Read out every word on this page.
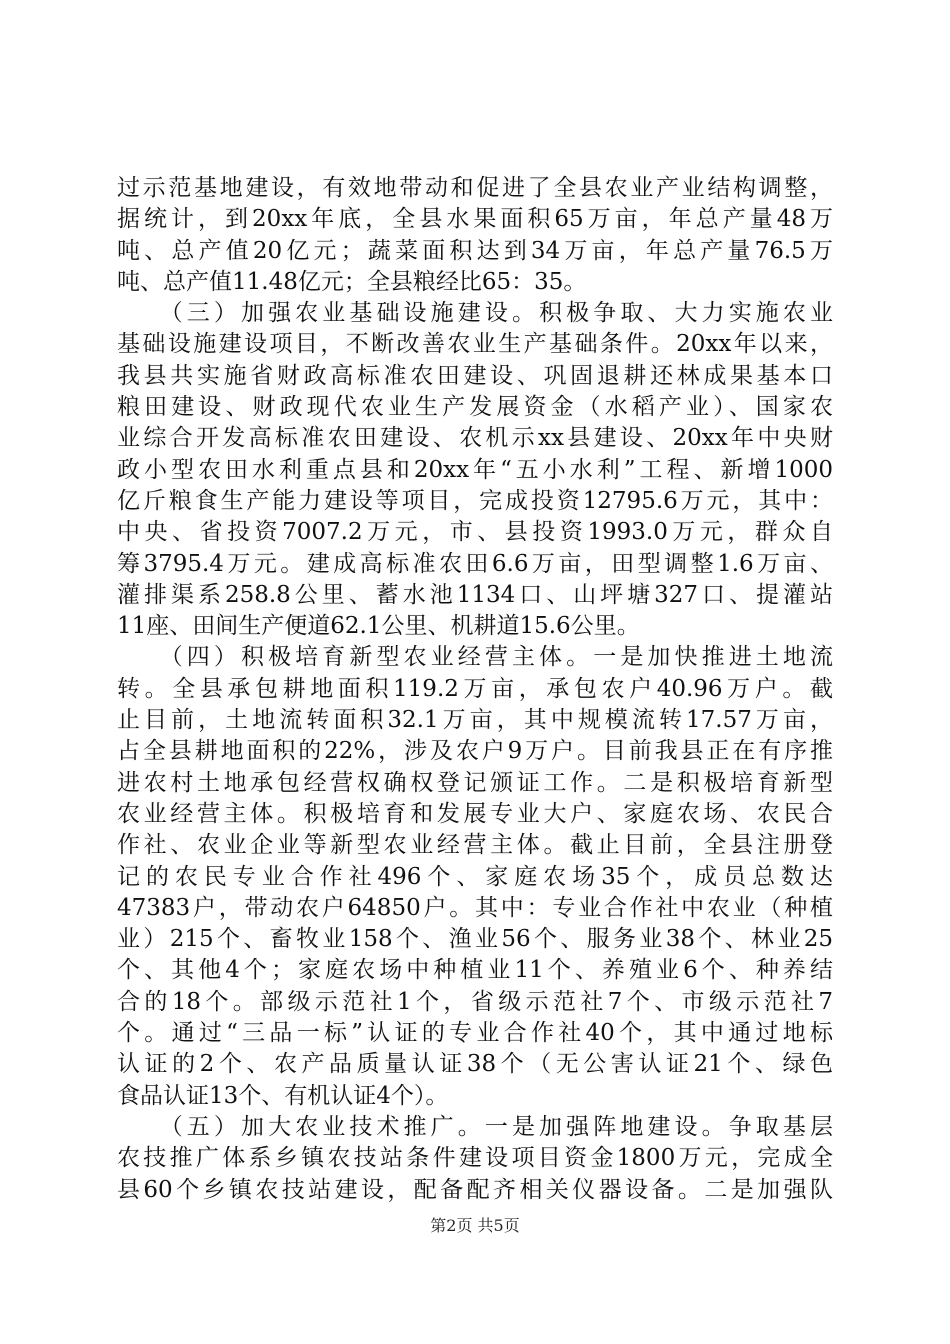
过示范基地建设，有效地带动和促进了全县农业产业结构调整，
据统计，到20xx年底，全县水果面积65万亩，年总产量48万
吨、总产值20亿元；蔬菜面积达到34万亩，年总产量76.5万
吨、总产值11.48亿元；全县粮经比65：35。
　　（三）加强农业基础设施建设。积极争取、大力实施农业
基础设施建设项目，不断改善农业生产基础条件。20xx年以来，
我县共实施省财政高标准农田建设、巩固退耕还林成果基本口
粮田建设、财政现代农业生产发展资金（水稻产业）、国家农
业综合开发高标准农田建设、农机示xx县建设、20xx年中央财
政小型农田水利重点县和20xx年“五小水利”工程、新增1000
亿斤粮食生产能力建设等项目，完成投资12795.6万元，其中：
中央、省投资7007.2万元，市、县投资1993.0万元，群众自
筹3795.4万元。建成高标准农田6.6万亩，田型调整1.6万亩、
灌排渠系258.8公里、蓄水池1134口、山坪塘327口、提灌站
11座、田间生产便道62.1公里、机耕道15.6公里。
　　（四）积极培育新型农业经营主体。一是加快推进土地流
转。全县承包耕地面积119.2万亩，承包农户40.96万户。截
止目前，土地流转面积32.1万亩，其中规模流转17.57万亩，
占全县耕地面积的22%，涉及农户9万户。目前我县正在有序推
进农村土地承包经营权确权登记颁证工作。二是积极培育新型
农业经营主体。积极培育和发展专业大户、家庭农场、农民合
作社、农业企业等新型农业经营主体。截止目前，全县注册登
记的农民专业合作社496个、家庭农场35个，成员总数达
47383户，带动农户64850户。其中：专业合作社中农业（种植
业）215个、畜牧业158个、渔业56个、服务业38个、林业25
个、其他4个；家庭农场中种植业11个、养殖业6个、种养结
合的18个。部级示范社1个，省级示范社7个、市级示范社7
个。通过“三品一标”认证的专业合作社40个，其中通过地标
认证的2个、农产品质量认证38个（无公害认证21个、绿色
食品认证13个、有机认证4个）。
　　（五）加大农业技术推广。一是加强阵地建设。争取基层
农技推广体系乡镇农技站条件建设项目资金1800万元，完成全
县60个乡镇农技站建设，配备配齐相关仪器设备。二是加强队
第2页 共5页
